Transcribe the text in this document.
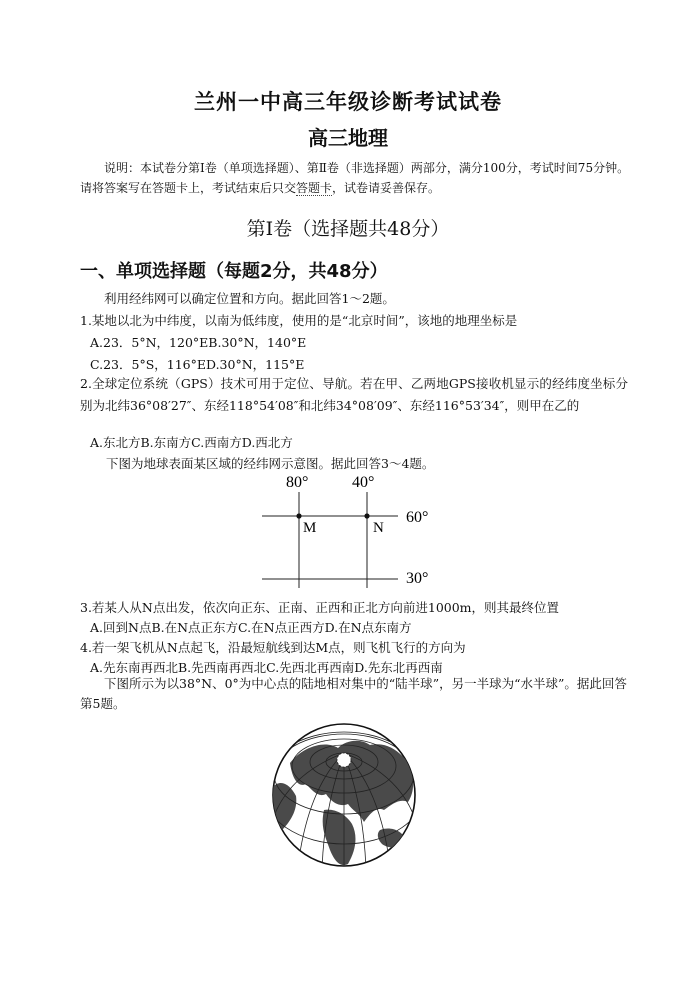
兰州一中高三年级诊断考试试卷
高三地理
说明：本试卷分第Ⅰ卷（单项选择题）、第Ⅱ卷（非选择题）两部分，满分100分，考试时间75分钟。请将答案写在答题卡上，考试结束后只交答题卡，试卷请妥善保存。
第Ⅰ卷（选择题共48分）
一、单项选择题（每题2分，共48分）
利用经纬网可以确定位置和方向。据此回答1～2题。
1.某地以北为中纬度，以南为低纬度，使用的是“北京时间”，该地的地理坐标是
A.23．5°N，120°EB.30°N，140°E
C.23．5°S，116°ED.30°N，115°E
2.全球定位系统（GPS）技术可用于定位、导航。若在甲、乙两地GPS接收机显示的经纬度坐标分别为北纬36°08′27″、东经118°54′08″和北纬34°08′09″、东经116°53′34″，则甲在乙的
A.东北方B.东南方C.西南方D.西北方
下图为地球表面某区域的经纬网示意图。据此回答3～4题。
80°	40°
60°
30°
M	N
3.若某人从N点出发，依次向正东、正南、正西和正北方向前进1000m，则其最终位置
A.回到N点B.在N点正东方C.在N点正西方D.在N点东南方
4.若一架飞机从N点起飞，沿最短航线到达M点，则飞机飞行的方向为
A.先东南再西北B.先西南再西北C.先西北再西南D.先东北再西南
下图所示为以38°N、0°为中心点的陆地相对集中的“陆半球”，另一半球为“水半球”。据此回答第5题。
